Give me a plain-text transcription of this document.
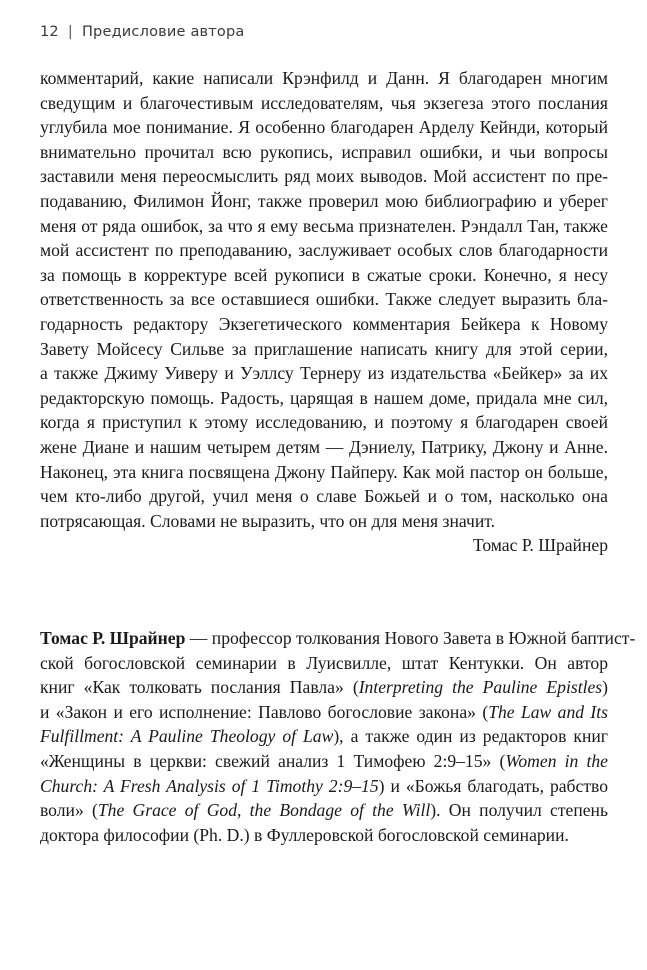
12 | Предисловие автора
комментарий, какие написали Крэнфилд и Данн. Я благодарен многим
сведущим и благочестивым исследователям, чья экзегеза этого послания
углубила мое понимание. Я особенно благодарен Арделу Кейнди, который
внимательно прочитал всю рукопись, исправил ошибки, и чьи вопросы
заставили меня переосмыслить ряд моих выводов. Мой ассистент по пре-
подаванию, Филимон Йонг, также проверил мою библиографию и уберег
меня от ряда ошибок, за что я ему весьма признателен. Рэндалл Тан, также
мой ассистент по преподаванию, заслуживает особых слов благодарности
за помощь в корректуре всей рукописи в сжатые сроки. Конечно, я несу
ответственность за все оставшиеся ошибки. Также следует выразить бла-
годарность редактору Экзегетического комментария Бейкера к Новому
Завету Мойсесу Сильве за приглашение написать книгу для этой серии,
а также Джиму Уиверу и Уэллсу Тернеру из издательства «Бейкер» за их
редакторскую помощь. Радость, царящая в нашем доме, придала мне сил,
когда я приступил к этому исследованию, и поэтому я благодарен своей
жене Диане и нашим четырем детям — Дэниелу, Патрику, Джону и Анне.
Наконец, эта книга посвящена Джону Пайперу. Как мой пастор он больше,
чем кто-либо другой, учил меня о славе Божьей и о том, насколько она
потрясающая. Словами не выразить, что он для меня значит.
Томас Р. Шрайнер
Томас Р. Шрайнер — профессор толкования Нового Завета в Южной баптист-
ской богословской семинарии в Луисвилле, штат Кентукки. Он автор
книг «Как толковать послания Павла» (Interpreting the Pauline Epistles)
и «Закон и его исполнение: Павлово богословие закона» (The Law and Its
Fulfillment: A Pauline Theology of Law), а также один из редакторов книг
«Женщины в церкви: свежий анализ 1 Тимофею 2:9–15» (Women in the
Church: A Fresh Analysis of 1 Timothy 2:9–15) и «Божья благодать, рабство
воли» (The Grace of God, the Bondage of the Will). Он получил степень
доктора философии (Ph. D.) в Фуллеровской богословской семинарии.
